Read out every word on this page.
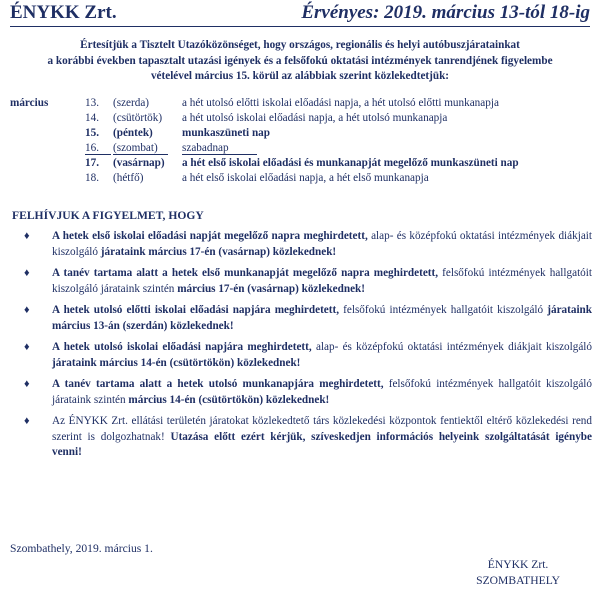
ÉNYKK Zrt.	Érvényes: 2019. március 13-tól 18-ig
Értesítjük a Tisztelt Utazóközönséget, hogy országos, regionális és helyi autóbuszjáratainkat
a korábbi években tapasztalt utazási igények és a felsőfokú oktatási intézmények tanrendjének figyelembe
vételével március 15. körül az alábbiak szerint közlekedtetjük:
március	13. (szerda)	a hét utolsó előtti iskolai előadási napja, a hét utolsó előtti munkanapja
14. (csütörtök) a hét utolsó iskolai előadási napja, a hét utolsó munkanapja
15. (péntek)	munkaszüneti nap
16.	(szombat)	szabadnap
17. (vasárnap) a hét első iskolai előadási és munkanapját megelőző munkaszüneti nap
18. (hétfő)	a hét első iskolai előadási napja, a hét első munkanapja
FELHÍVJUK A FIGYELMET, HOGY
♦ A hetek első iskolai előadási napját megelőző napra meghirdetett, alap- és középfokú oktatási intézmények diákjait kiszolgáló járataink március 17-én (vasárnap) közlekednek!
♦ A tanév tartama alatt a hetek első munkanapját megelőző napra meghirdetett, felsőfokú intézmények hallgatóit kiszolgáló járataink szintén március 17-én (vasárnap) közlekednek!
♦ A hetek utolsó előtti iskolai előadási napjára meghirdetett, felsőfokú intézmények hallgatóit kiszolgáló járataink március 13-án (szerdán) közlekednek!
♦ A hetek utolsó iskolai előadási napjára meghirdetett, alap- és középfokú oktatási intézmények diákjait kiszolgáló járataink március 14-én (csütörtökön) közlekednek!
♦ A tanév tartama alatt a hetek utolsó munkanapjára meghirdetett, felsőfokú intézmények hallgatóit kiszolgáló járataink szintén március 14-én (csütörtökön) közlekednek!
♦ Az ÉNYKK Zrt. ellátási területén járatokat közlekedtető társ közlekedési központok fentiektől eltérő közlekedési rend szerint is dolgozhatnak! Utazása előtt ezért kérjük, szíveskedjen információs helyeink szolgáltatását igénybe venni!
Szombathely, 2019. március 1.
ÉNYKK Zrt.
SZOMBATHELY
